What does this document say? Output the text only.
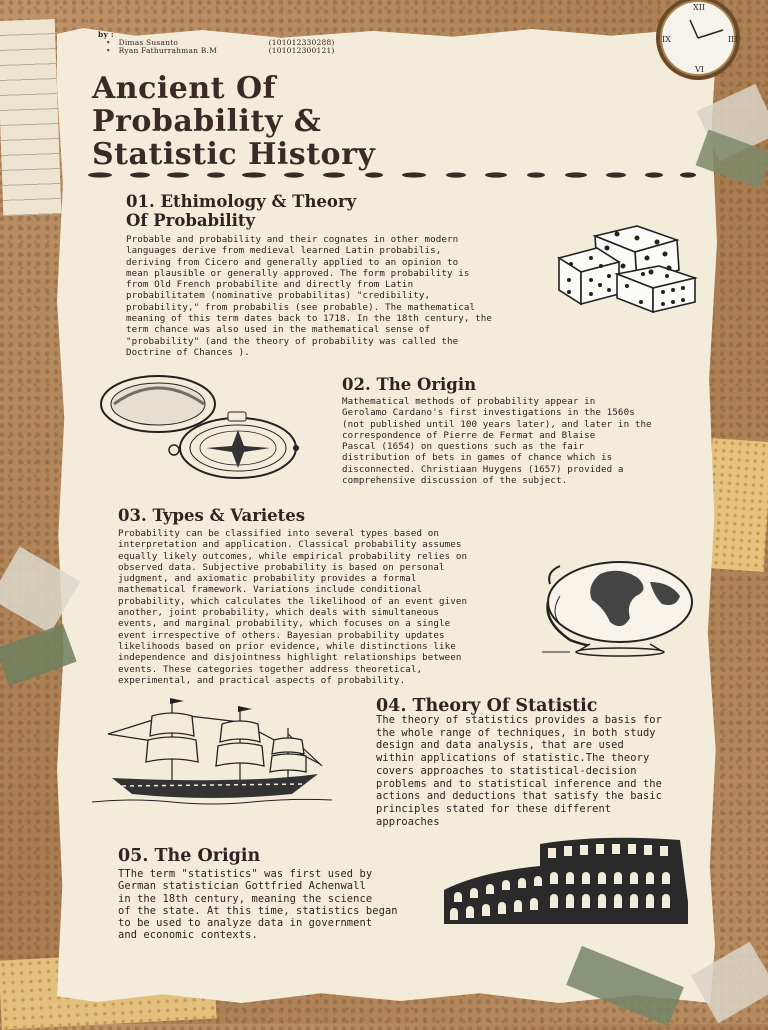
XII
III
VI
IX
by :
• Dimas Susanto	(101012330288)
• Ryan Fathurrahman B.M	(101012300121)
Ancient Of
Probability &
Statistic History
01. Ethimology & Theory
Of Probability
Probable and probability and their cognates in other modern
languages derive from medieval learned Latin probabilis,
deriving from Cicero and generally applied to an opinion to
mean plausible or generally approved. The form probability is
from Old French probabilite and directly from Latin
probabilitatem (nominative probabilitas) "credibility,
probability," from probabilis (see probable). The mathematical
meaning of this term dates back to 1718. In the 18th century, the
term chance was also used in the mathematical sense of
"probability" (and the theory of probability was called the
Doctrine of Chances ).
02. The Origin
Mathematical methods of probability appear in
Gerolamo Cardano's first investigations in the 1560s
(not published until 100 years later), and later in the
correspondence of Pierre de Fermat and Blaise
Pascal (1654) on questions such as the fair
distribution of bets in games of chance which is
disconnected. Christiaan Huygens (1657) provided a
comprehensive discussion of the subject.
03. Types & Varietes
Probability can be classified into several types based on
interpretation and application. Classical probability assumes
equally likely outcomes, while empirical probability relies on
observed data. Subjective probability is based on personal
judgment, and axiomatic probability provides a formal
mathematical framework. Variations include conditional
probability, which calculates the likelihood of an event given
another, joint probability, which deals with simultaneous
events, and marginal probability, which focuses on a single
event irrespective of others. Bayesian probability updates
likelihoods based on prior evidence, while distinctions like
independence and disjointness highlight relationships between
events. These categories together address theoretical,
experimental, and practical aspects of probability.
04. Theory Of Statistic
The theory of statistics provides a basis for
the whole range of techniques, in both study
design and data analysis, that are used
within applications of statistic.The theory
covers approaches to statistical-decision
problems and to statistical inference and the
actions and deductions that satisfy the basic
principles stated for these different
approaches
05. The Origin
TThe term "statistics" was first used by
German statistician Gottfried Achenwall
in the 18th century, meaning the science
of the state. At this time, statistics began
to be used to analyze data in government
and economic contexts.
